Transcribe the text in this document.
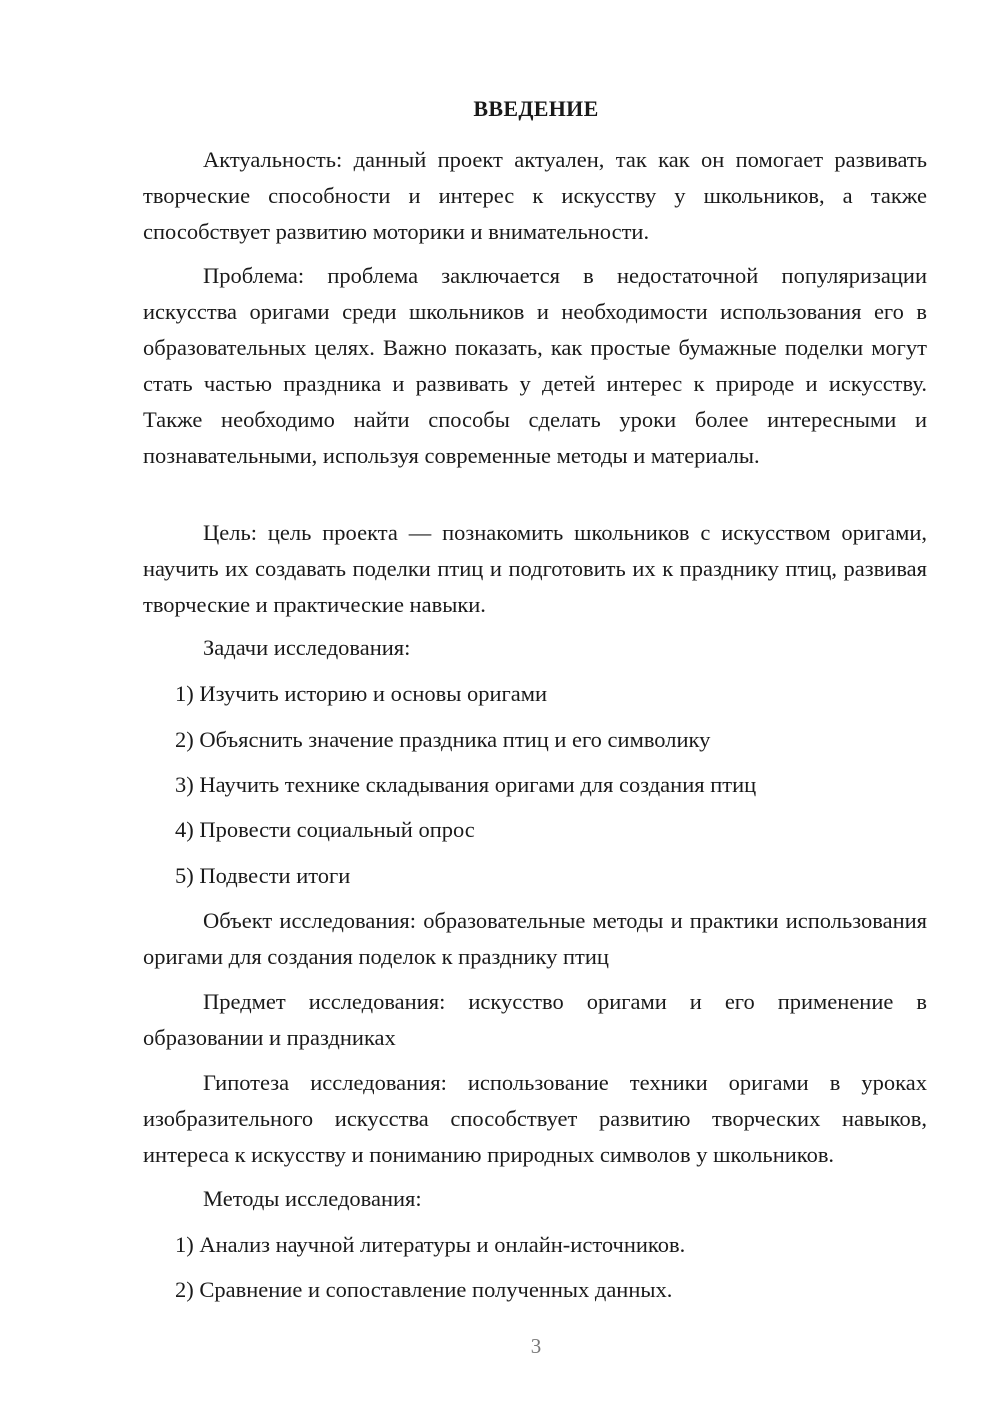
ВВЕДЕНИЕ

Актуальность: данный проект актуален, так как он помогает развивать творческие способности и интерес к искусству у школьников, а также способствует развитию моторики и внимательности.

Проблема: проблема заключается в недостаточной популяризации искусства оригами среди школьников и необходимости использования его в образовательных целях. Важно показать, как простые бумажные поделки могут стать частью праздника и развивать у детей интерес к природе и искусству. Также необходимо найти способы сделать уроки более интересными и познавательными, используя современные методы и материалы.

Цель: цель проекта — познакомить школьников с искусством оригами, научить их создавать поделки птиц и подготовить их к празднику птиц, развивая творческие и практические навыки.

Задачи исследования:

1) Изучить историю и основы оригами
2) Объяснить значение праздника птиц и его символику
3) Научить технике складывания оригами для создания птиц
4) Провести социальный опрос
5) Подвести итоги

Объект исследования: образовательные методы и практики использования оригами для создания поделок к празднику птиц

Предмет исследования: искусство оригами и его применение в образовании и праздниках

Гипотеза исследования: использование техники оригами в уроках изобразительного искусства способствует развитию творческих навыков, интереса к искусству и пониманию природных символов у школьников.

Методы исследования:

1) Анализ научной литературы и онлайн-источников.
2) Сравнение и сопоставление полученных данных.
3
